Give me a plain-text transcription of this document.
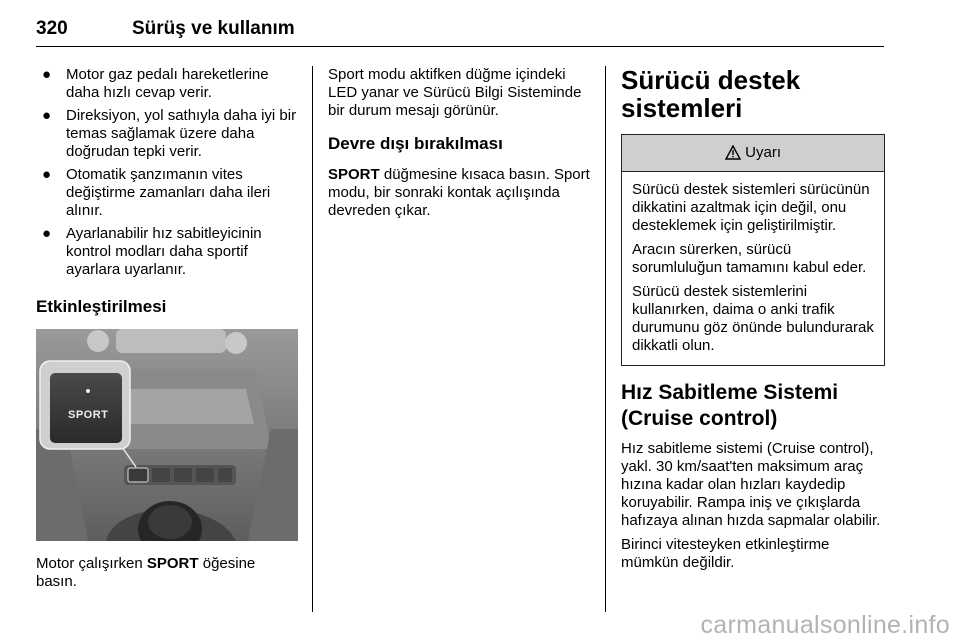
320	Sürüş ve kullanım
● Motor gaz pedalı hareketlerine daha hızlı cevap verir.
● Direksiyon, yol sathıyla daha iyi bir temas sağlamak üzere daha doğrudan tepki verir.
● Otomatik şanzımanın vites değiştirme zamanları daha ileri alınır.
● Ayarlanabilir hız sabitleyicinin kontrol modları daha sportif ayarlara uyarlanır.
Etkinleştirilmesi
SPORT

Motor çalışırken SPORT öğesine basın.

Sport modu aktifken düğme içindeki LED yanar ve Sürücü Bilgi Sisteminde bir durum mesajı görünür.

Devre dışı bırakılması

SPORT düğmesine kısaca basın. Sport modu, bir sonraki kontak açılışında devreden çıkar.

Sürücü destek sistemleri
Uyarı

Sürücü destek sistemleri sürücünün dikkatini azaltmak için değil, onu desteklemek için geliştirilmiştir.

Aracın sürerken, sürücü sorumluluğun tamamını kabul eder.

Sürücü destek sistemlerini kullanırken, daima o anki trafik durumunu göz önünde bulundurarak dikkatli olun.

Hız Sabitleme Sistemi (Cruise control)

Hız sabitleme sistemi (Cruise control), yakl. 30 km/saat'ten maksimum araç hızına kadar olan hızları kaydedip koruyabilir. Rampa iniş ve çıkışlarda hafızaya alınan hızda sapmalar olabilir.

Birinci vitesteyken etkinleştirme mümkün değildir.

carmanualsonline.info
